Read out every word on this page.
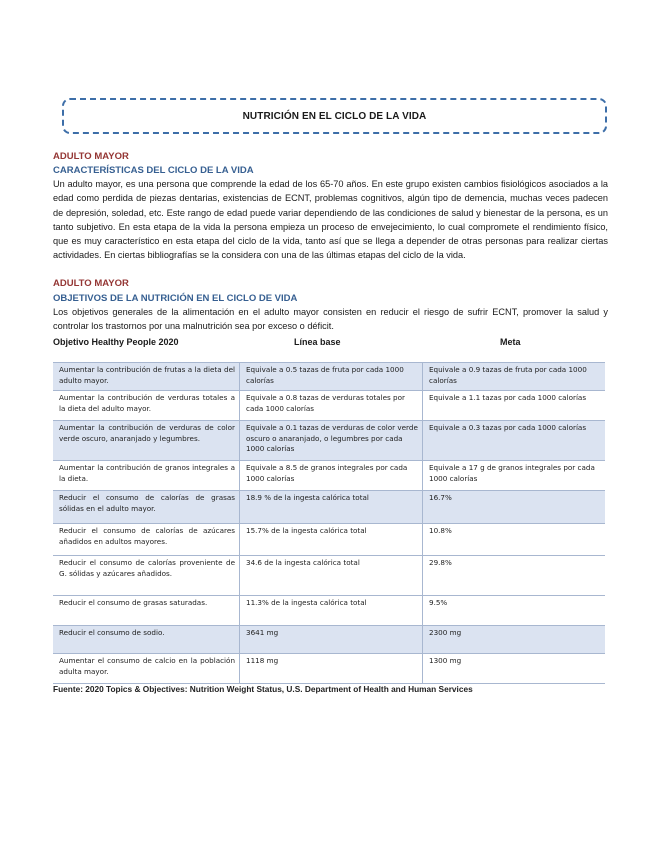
NUTRICIÓN EN EL CICLO DE LA VIDA
ADULTO MAYOR
CARACTERÍSTICAS DEL CICLO DE LA VIDA

Un adulto mayor, es una persona que comprende la edad de los 65-70 años. En este grupo existen cambios fisiológicos asociados a la edad como perdida de piezas dentarias, existencias de ECNT, problemas cognitivos, algún tipo de demencia, muchas veces padecen de depresión, soledad, etc. Este rango de edad puede variar dependiendo de las condiciones de salud y bienestar de la persona, es un tanto subjetivo. En esta etapa de la vida la persona empieza un proceso de envejecimiento, lo cual compromete el rendimiento físico, que es muy característico en esta etapa del ciclo de la vida, tanto así que se llega a depender de otras personas para realizar ciertas actividades. En ciertas bibliografías se la considera con una de las últimas etapas del ciclo de la vida.

ADULTO MAYOR
OBJETIVOS DE LA NUTRICIÓN EN EL CICLO DE VIDA

Los objetivos generales de la alimentación en el adulto mayor consisten en reducir el riesgo de sufrir ECNT, promover la salud y controlar los trastornos por una malnutrición sea por exceso o déficit.

Objetivo Healthy People 2020	Línea base	Meta
Aumentar la contribución de frutas a la dieta del adulto mayor.	Equivale a 0.5 tazas de fruta por cada 1000 calorías	Equivale a 0.9 tazas de fruta por cada 1000 calorías
Aumentar la contribución de verduras totales a la dieta del adulto mayor.	Equivale a 0.8 tazas de verduras totales por cada 1000 calorías	Equivale a 1.1 tazas por cada 1000 calorías
Aumentar la contribución de verduras de color verde oscuro, anaranjado y legumbres.	Equivale a 0.1 tazas de verduras de color verde oscuro o anaranjado, o legumbres por cada 1000 calorías	Equivale a 0.3 tazas por cada 1000 calorías
Aumentar la contribución de granos integrales a la dieta.	Equivale a 8.5 de granos integrales por cada 1000 calorías	Equivale a 17 g de granos integrales por cada 1000 calorías
Reducir el consumo de calorías de grasas sólidas en el adulto mayor.	18.9 % de la ingesta calórica total	16.7%
Reducir el consumo de calorías de azúcares añadidos en adultos mayores.	15.7% de la ingesta calórica total	10.8%
Reducir el consumo de calorías proveniente de G. sólidas y azúcares añadidos.	34.6 de la ingesta calórica total	29.8%
Reducir el consumo de grasas saturadas.	11.3% de la ingesta calórica total	9.5%
Reducir el consumo de sodio.	3641 mg	2300 mg
Aumentar el consumo de calcio en la población adulta mayor.	1118 mg	1300 mg
Fuente: 2020 Topics & Objectives: Nutrition Weight Status, U.S. Department of Health and Human Services
